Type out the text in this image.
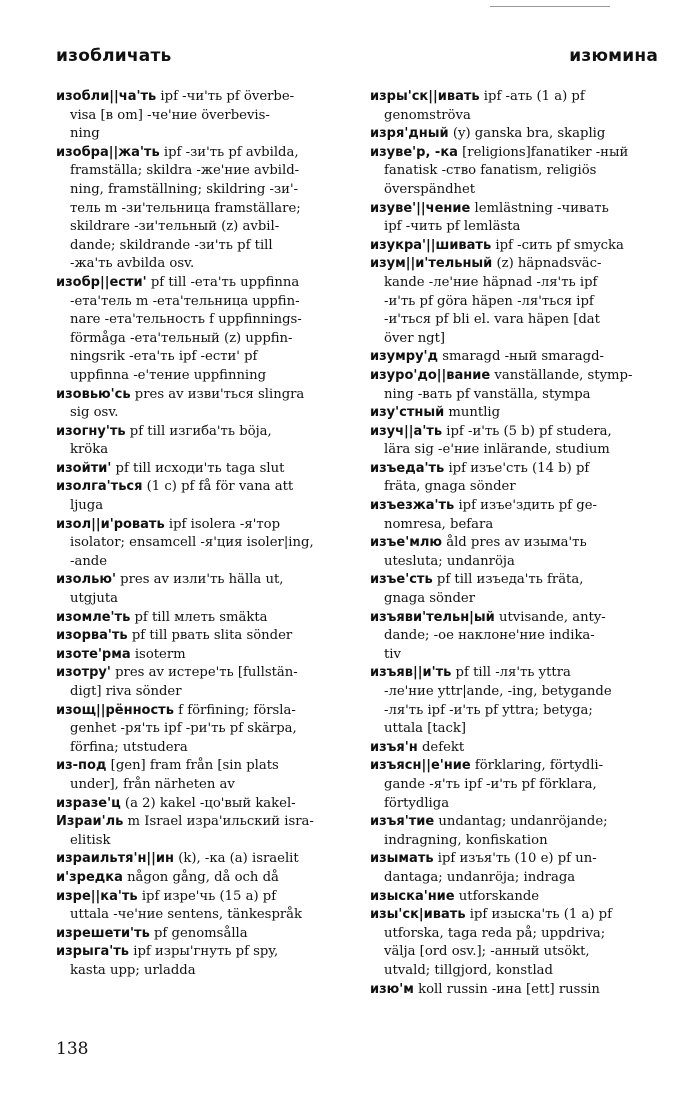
изобличать	изюмина

изобли||ча'ть ipf -чи'ть pf överbe-
visa [в om] -че'ние överbevis-
ning

изобра||жа'ть ipf -зи'ть pf avbilda,
framställa; skildra -же'ние avbild-
ning, framställning; skildring -зи'-
тель m -зи'тельница framställare;
skildrare -зи'тельный (z) avbil-
dande; skildrande -зи'ть pf till
-жа'ть avbilda osv.

изобр||ести' pf till -ета'ть uppfinna
-ета'тель m -ета'тельница uppfin-
nare -ета'тельность f uppfinnings-
förmåga -ета'тельный (z) uppfin-
ningsrik -ета'ть ipf -ести' pf
uppfinna -е'тение uppfinning

изовью'сь pres av изви'ться slingra
sig osv.

изогну'ть pf till изгиба'ть böja,
kröka

изойти' pf till исходи'ть taga slut

изолга'ться (1 c) pf få för vana att
ljuga

изол||и'ровать ipf isolera -я'тор
isolator; ensamcell -я'ция isoler|ing,
-ande

изолью' pres av изли'ть hälla ut,
utgjuta

изомле'ть pf till млеть smäkta

изорва'ть pf till рвать slita sönder

изоте'рма isoterm

изотру' pres av истере'ть [fullstän-
digt] riva sönder

изощ||рённость f förfining; försla-
genhet -ря'ть ipf -ри'ть pf skärpa,
förfina; utstudera

из-под [gen] fram från [sin plats
under], från närheten av

изразе'ц (a 2) kakel -цо'вый kakel-

Израи'ль m Israel изра'ильский isra-
elitisk

израильтя'н||ин (k), -ка (a) israelit

и'зредка någon gång, då och då

изре||ка'ть ipf изре'чь (15 a) pf
uttala -че'ние sentens, tänkespråk

изрешети'ть pf genomsålla

изрыга'ть ipf изры'гнуть pf spy,
kasta upp; urladda

изры'ск||ивать ipf -ать (1 a) pf
genomströva

изря'дный (y) ganska bra, skaplig

изуве'р, -ка [religions]fanatiker -ный
fanatisk -ство fanatism, religiös
överspändhet

изуве'||чение lemlästning -чивать
ipf -чить pf lemlästa

изукра'||шивать ipf -сить pf smycka

изум||и'тельный (z) häpnadsväc-
kande -ле'ние häpnad -ля'ть ipf
-и'ть pf göra häpen -ля'ться ipf
-и'ться pf bli el. vara häpen [dat
över ngt]

изумру'д smaragd -ный smaragd-

изуро'до||вание vanställande, stymp-
ning -вать pf vanställa, stympa

изу'стный muntlig

изуч||а'ть ipf -и'ть (5 b) pf studera,
lära sig -е'ние inlärande, studium

изъеда'ть ipf изъе'сть (14 b) pf
fräta, gnaga sönder

изъезжа'ть ipf изъе'здить pf ge-
nomresa, befara

изъе'млю åld pres av изыма'ть
utesluta; undanröja

изъе'сть pf till изъеда'ть fräta,
gnaga sönder

изъяви'тельн|ый utvisande, anty-
dande; -ое наклоне'ние indika-
tiv

изъяв||и'ть pf till -ля'ть yttra
-ле'ние yttr|ande, -ing, betygande
-ля'ть ipf -и'ть pf yttra; betyga;
uttala [tack]

изъя'н defekt

изъясн||е'ние förklaring, förtydli-
gande -я'ть ipf -и'ть pf förklara,
förtydliga

изъя'тие undantag; undanröjande;
indragning, konfiskation

изымать ipf изъя'ть (10 e) pf un-
dantaga; undanröja; indraga

изыска'ние utforskande

изы'ск|ивать ipf изыска'ть (1 a) pf
utforska, taga reda på; uppdriva;
välja [ord osv.]; -анный utsökt,
utvald; tillgjord, konstlad

изю'м koll russin -ина [ett] russin

138
